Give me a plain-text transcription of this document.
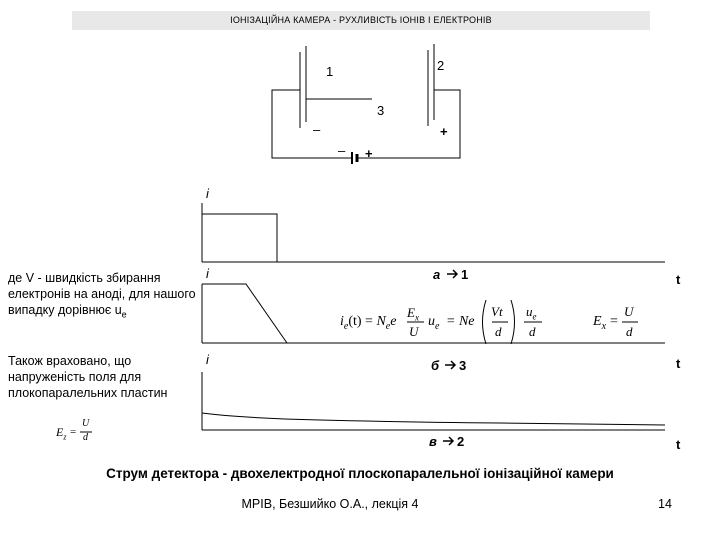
ІОНІЗАЦІЙНА КАМЕРА - РУХЛИВІСТЬ ІОНІВ І ЕЛЕКТРОНІВ
1	2
3
–	+
– +
i
i
i
t
t
t
а 1
б 3
в 2
де V - швидкість збирання електронів на аноді, для нашого випадку дорівнює $u_e$
Також враховано, що напруженість поля для плокопаралельних пластин
$E_z$ =
U
d
$i_e(t) = N_ee$
$E_x$
U
$u_e = Ne$
Vt
d
$u_e$
d
$E_x$ =
U
d
Струм детектора - двохелектродної плоскопаралельної іонізаційної камери
МРІВ, Безшийко О.А., лекція 4	14
